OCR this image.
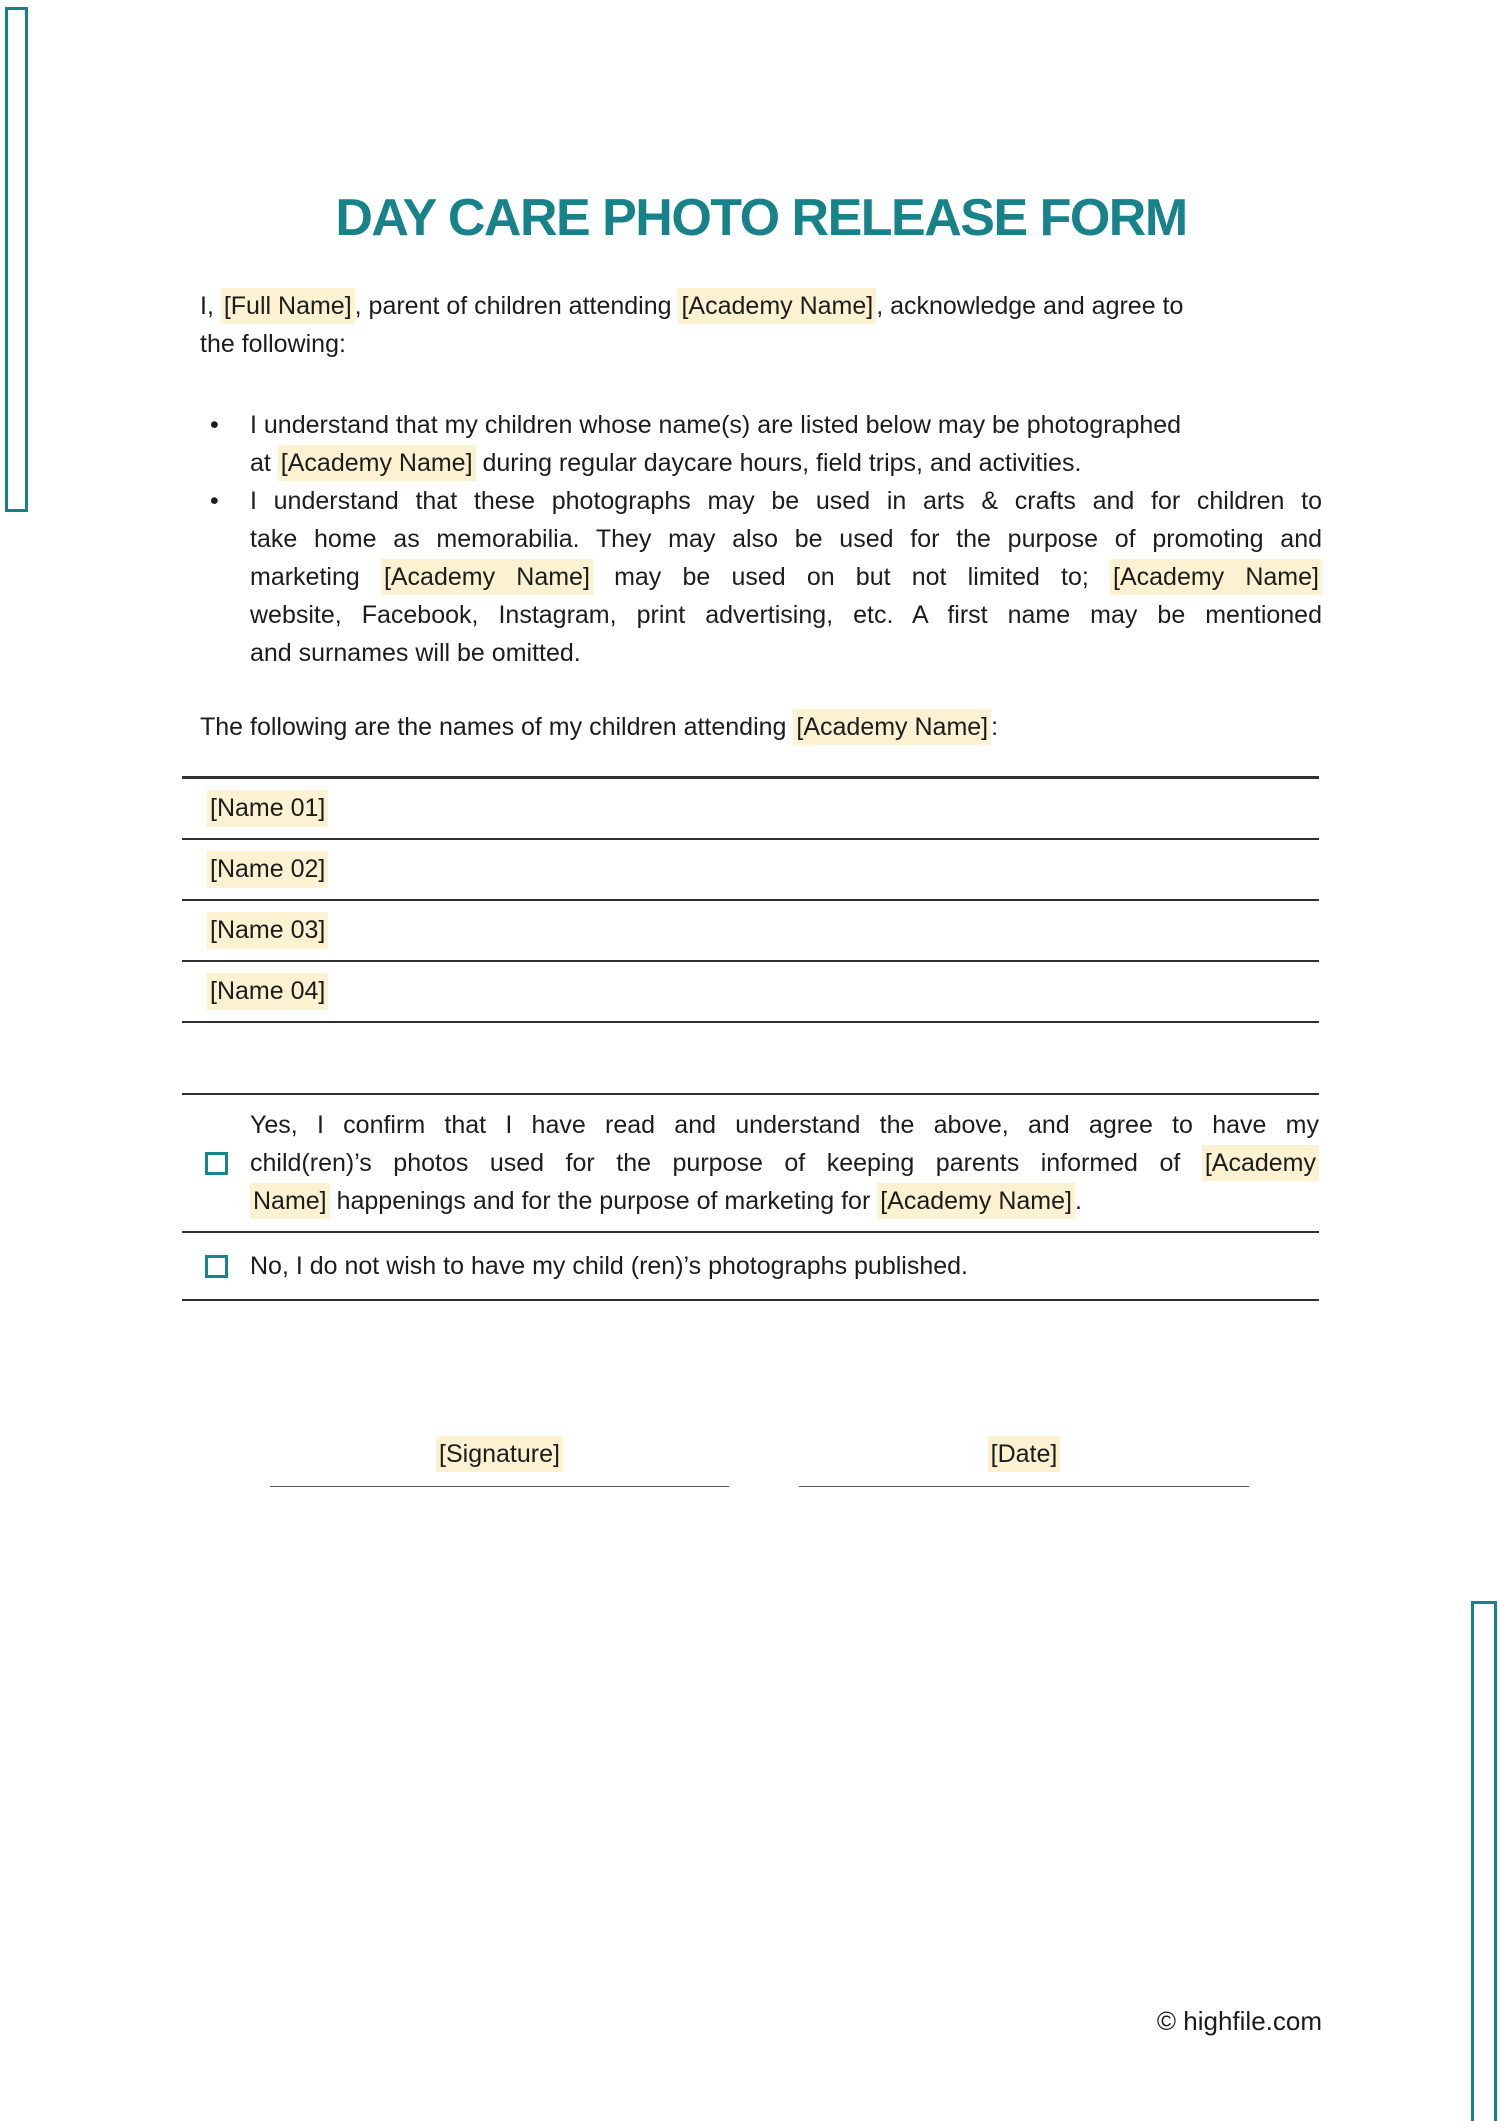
DAY CARE PHOTO RELEASE FORM
I, [Full Name] , parent of children attending [Academy Name] , acknowledge and agree to
the following:
•	I understand that my children whose name(s) are listed below may be photographed
at [Academy Name] during regular daycare hours, field trips, and activities.
•	I understand that these photographs may be used in arts & crafts and for children to
take home as memorabilia. They may also be used for the purpose of promoting and
marketing [Academy Name] may be used on but not limited to; [Academy Name]
website, Facebook, Instagram, print advertising, etc. A first name may be mentioned
and surnames will be omitted.
The following are the names of my children attending [Academy Name] :
[Name 01]
[Name 02]
[Name 03]
[Name 04]
Yes, I confirm that I have read and understand the above, and agree to have my
child(ren)’s photos used for the purpose of keeping parents informed of [Academy
Name] happenings and for the purpose of marketing for [Academy Name] .
No, I do not wish to have my child (ren)’s photographs published.
[Signature]	[Date]
© highfile.com
